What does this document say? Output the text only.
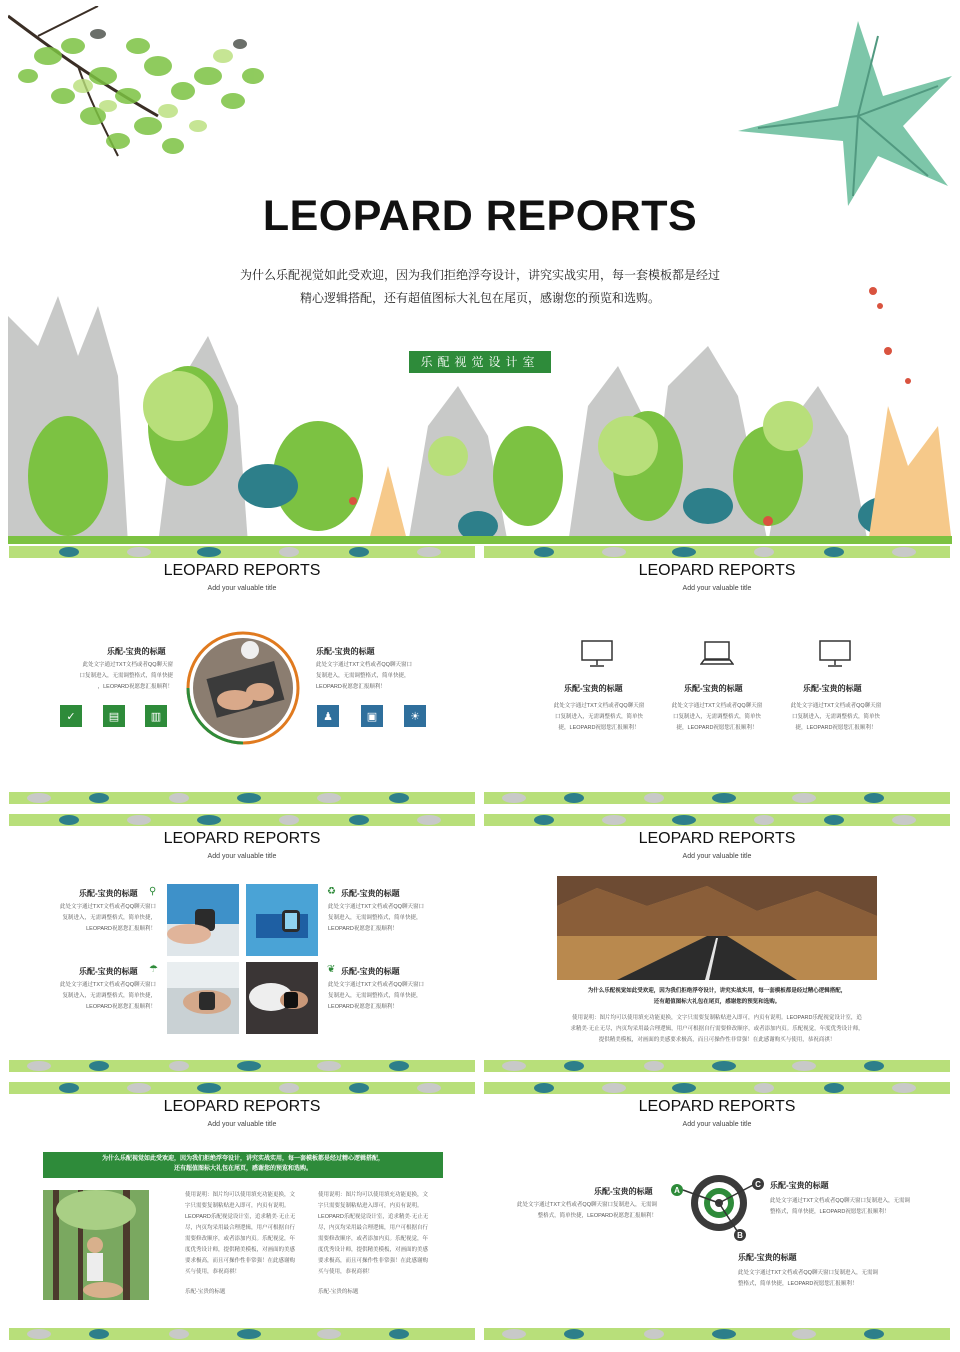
LEOPARD REPORTS
为什么乐配视觉如此受欢迎，因为我们拒绝浮夸设计，讲究实战实用，每一套模板都是经过
精心逻辑搭配，还有超值图标大礼包在尾页，感谢您的预览和选购。
乐配视觉设计室
LEOPARD REPORTS
Add your valuable title
乐配-宝贵的标题
此处文字通过TXT文档或者QQ聊天窗
口复制进入，无需调整格式，简单快捷
，LEOPARD祝愿您汇报顺利！
✓	▤	▥
乐配-宝贵的标题
此处文字通过TXT文档或者QQ聊天窗口
复制进入，无需调整格式，简单快捷，
LEOPARD祝愿您汇报顺利！
♟	▣	☀
LEOPARD REPORTS
Add your valuable title
乐配-宝贵的标题
此处文字通过TXT文档或者QQ聊天窗
口复制进入，无需调整格式，简单快
捷，LEOPARD祝愿您汇报顺利！
乐配-宝贵的标题
此处文字通过TXT文档或者QQ聊天窗
口复制进入，无需调整格式，简单快
捷，LEOPARD祝愿您汇报顺利！
乐配-宝贵的标题
此处文字通过TXT文档或者QQ聊天窗
口复制进入，无需调整格式，简单快
捷，LEOPARD祝愿您汇报顺利！
LEOPARD REPORTS
Add your valuable title
乐配-宝贵的标题 ⚲
此处文字通过TXT文档或者QQ聊天窗口
复制进入，无需调整格式，简单快捷，
LEOPARD祝愿您汇报顺利！
乐配-宝贵的标题 ☂
此处文字通过TXT文档或者QQ聊天窗口
复制进入，无需调整格式，简单快捷，
LEOPARD祝愿您汇报顺利！
♻ 乐配-宝贵的标题
此处文字通过TXT文档或者QQ聊天窗口
复制进入，无需调整格式，简单快捷，
LEOPARD祝愿您汇报顺利！
❦ 乐配-宝贵的标题
此处文字通过TXT文档或者QQ聊天窗口
复制进入，无需调整格式，简单快捷，
LEOPARD祝愿您汇报顺利！
LEOPARD REPORTS
Add your valuable title
为什么乐配视觉如此受欢迎，因为我们拒绝浮夸设计，讲究实战实用，每一套模板都是经过精心逻辑搭配，
还有超值图标大礼包在尾页，感谢您的预览和选购。
使用说明：图片均可以使用填充功能更换，文字只需要复制粘贴进入即可，内页有说明。LEOPARD乐配视觉设计室，追
求精美·无止无尽，内页均采用最合理逻辑，用户可根据自行需要修改顺序，或者添加内页。乐配视觉，年度优秀设计师，
提供精美模板，对画面的美感要求极高，而且可操作性非常强！在此感谢购买与使用，恭祝商祺！
LEOPARD REPORTS
Add your valuable title
为什么乐配视觉如此受欢迎，因为我们拒绝浮夸设计，讲究实战实用，每一套模板都是经过精心逻辑搭配，
还有超值图标大礼包在尾页，感谢您的预览和选购。
使用说明：图片均可以使用填充功能更换，文
字只需要复制粘贴进入即可，内页有说明。
LEOPARD乐配视觉设计室，追求精美·无止无
尽，内页均采用最合理逻辑，用户可根据自行
需要修改顺序，或者添加内页。乐配视觉，年
度优秀设计师，提供精美模板，对画面的美感
要求极高，而且可操作性非常强！在此感谢购
买与使用，恭祝商祺！
使用说明：图片均可以使用填充功能更换，文
字只需要复制粘贴进入即可，内页有说明。
LEOPARD乐配视觉设计室，追求精美·无止无
尽，内页均采用最合理逻辑，用户可根据自行
需要修改顺序，或者添加内页。乐配视觉，年
度优秀设计师，提供精美模板，对画面的美感
要求极高，而且可操作性非常强！在此感谢购
买与使用，恭祝商祺！
乐配-宝贵的标题	乐配-宝贵的标题
LEOPARD REPORTS
Add your valuable title
乐配-宝贵的标题
此处文字通过TXT文档或者QQ聊天窗口复制进入，无需调
整格式，简单快捷，LEOPARD祝愿您汇报顺利！
A
C
B
乐配-宝贵的标题
此处文字通过TXT文档或者QQ聊天窗口复制进入，无需调
整格式，简单快捷，LEOPARD祝愿您汇报顺利！
乐配-宝贵的标题
此处文字通过TXT文档或者QQ聊天窗口复制进入，无需调
整格式，简单快捷，LEOPARD祝愿您汇报顺利！
